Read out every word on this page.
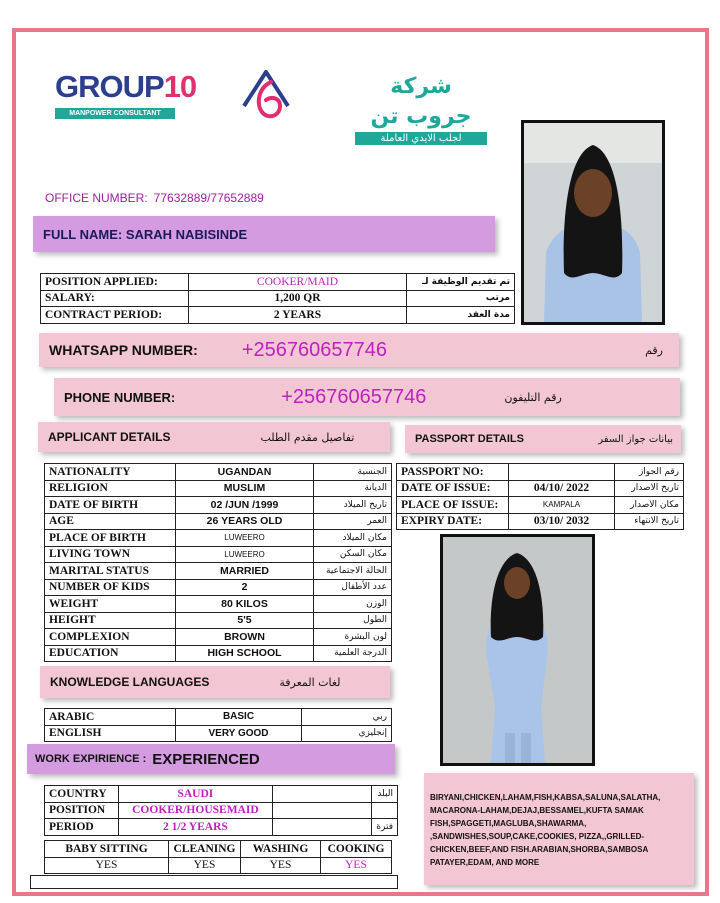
GROUP10
MANPOWER CONSULTANT
شركة جروب تن
لجلب الايدي العاملة
OFFICE NUMBER: 77632889/77652889
FULL NAME:
SARAH NABISINDE
POSITION APPLIED:	COOKER/MAID	تم تقديم الوظيفة لـ
SALARY:	1,200 QR	مرتب
CONTRACT PERIOD:	2 YEARS	مدة العقد
WHATSAPP NUMBER: +256760657746	رقم
PHONE NUMBER:	+256760657746	رقم التليفون
APPLICANT DETAILS	تفاصيل مقدم الطلب	PASSPORT DETAILS	بيانات جواز السفر
NATIONALITY	UGANDAN	الجنسية
RELIGION	MUSLIM	الديانة
DATE OF BIRTH	02 /JUN /1999	تاريخ الميلاد
AGE	26 YEARS OLD	العمر
PLACE OF BIRTH	LUWEERO	مكان الميلاد
LIVING TOWN	LUWEERO	مكان السكن
MARITAL STATUS	MARRIED	الحالة الاجتماعية
NUMBER OF KIDS	2	عدد الأطفال
WEIGHT	80 KILOS	الوزن
HEIGHT	5'5	الطول
COMPLEXION	BROWN	لون البشرة
EDUCATION	HIGH SCHOOL	الدرجة العلمية
PASSPORT NO:		رقم الجواز
DATE OF ISSUE:	04/10/ 2022	تاريخ الاصدار
PLACE OF ISSUE:	KAMPALA	مكان الاصدار
EXPIRY DATE:	03/10/ 2032	تاريخ الانتهاء
KNOWLEDGE LANGUAGES	لغات المعرفة
ARABIC	BASIC	ربي
ENGLISH	VERY GOOD	إنجليزي
WORK EXPIRIENCE : EXPERIENCED
COUNTRY	SAUDI		البلد
POSITION	COOKER/HOUSEMAID		
PERIOD	2 1/2 YEARS		فترة
BABY SITTING	CLEANING	WASHING	COOKING
YES	YES	YES	YES
BIRYANI,CHICKEN,LAHAM,FISH,KABSA,SALUNA,SALATHA, MACARONA-LAHAM,DEJAJ,BESSAMEL,KUFTA SAMAK FISH,SPAGGETI,MAGLUBA,SHAWARMA, ,SANDWISHES,SOUP,CAKE,COOKIES, PIZZA,,GRILLED- CHICKEN,BEEF,AND FISH.ARABIAN,SHORBA,SAMBOSA PATAYER,EDAM, AND MORE
